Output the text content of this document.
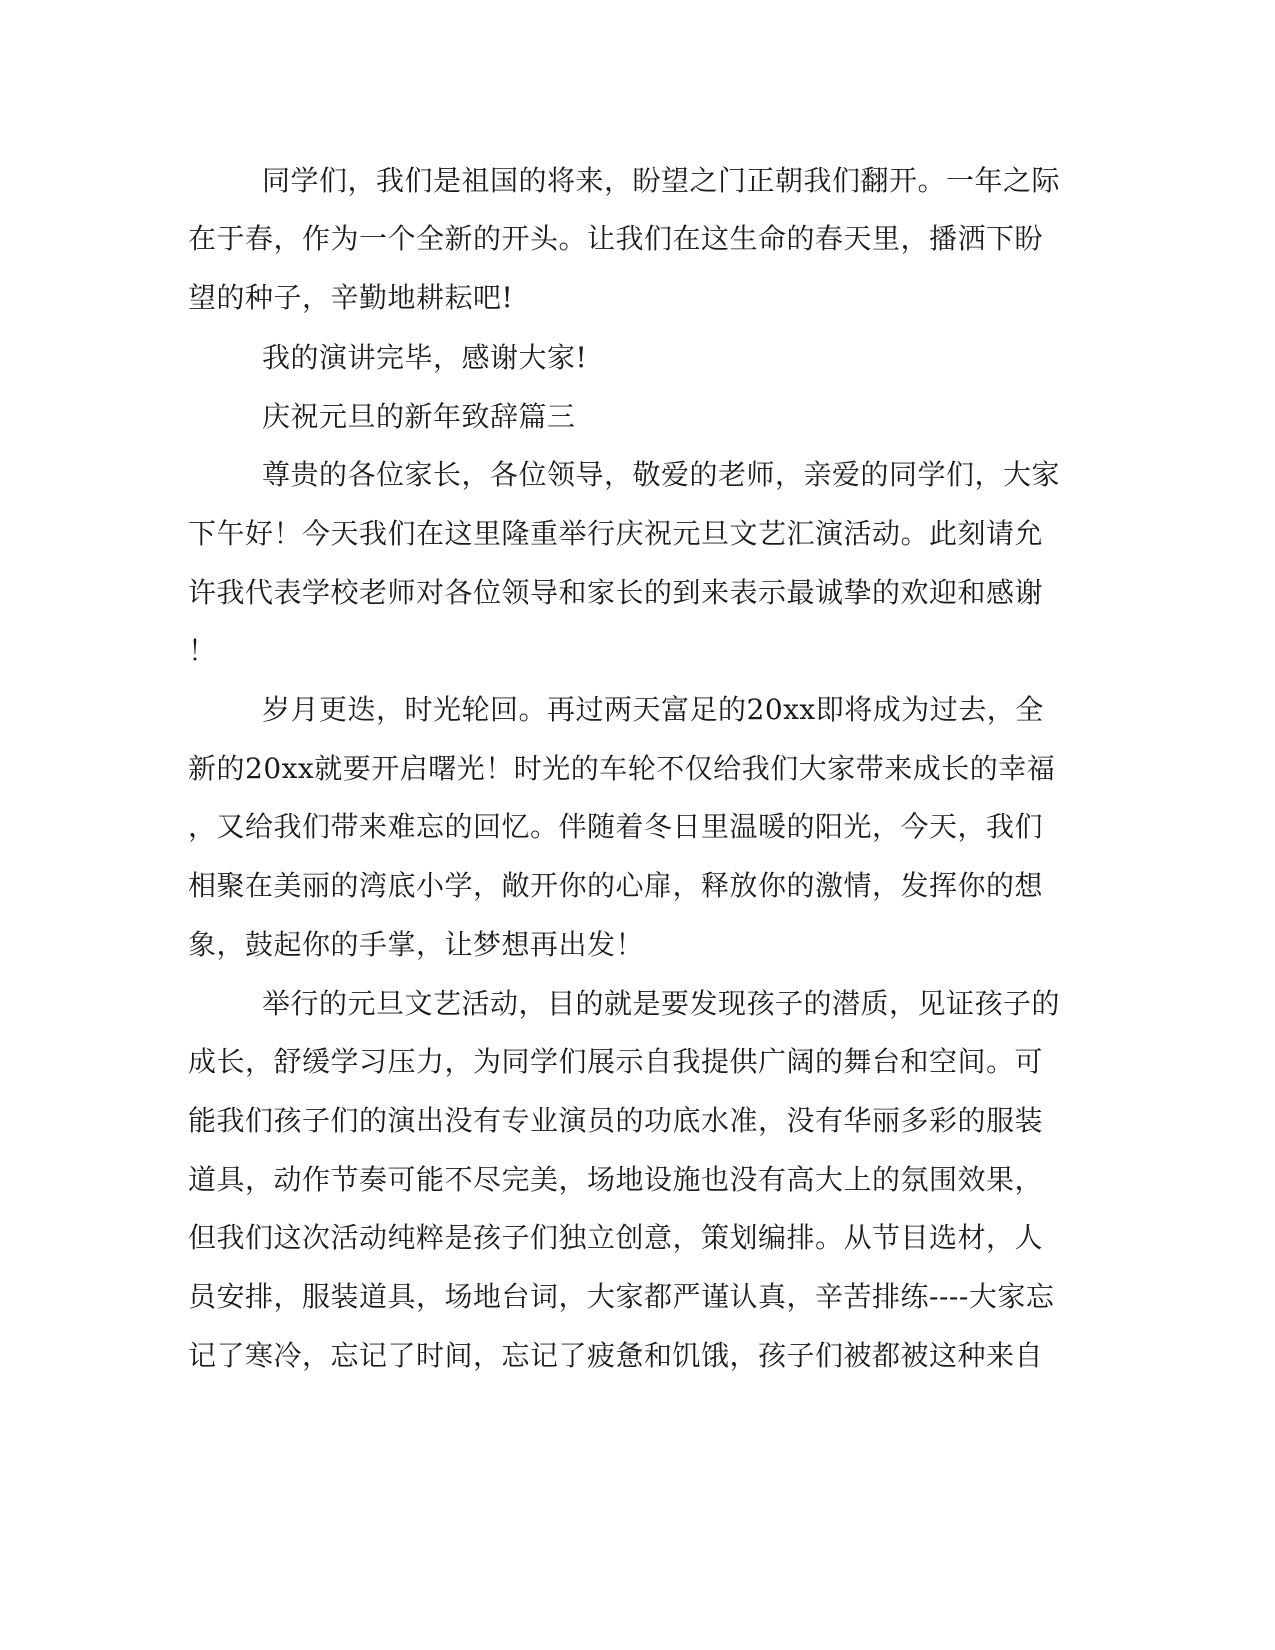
同学们，我们是祖国的将来，盼望之门正朝我们翻开。一年之际
在于春，作为一个全新的开头。让我们在这生命的春天里，播洒下盼
望的种子，辛勤地耕耘吧!
我的演讲完毕，感谢大家!
庆祝元旦的新年致辞篇三
尊贵的各位家长，各位领导，敬爱的老师，亲爱的同学们，大家
下午好！今天我们在这里隆重举行庆祝元旦文艺汇演活动。此刻请允
许我代表学校老师对各位领导和家长的到来表示最诚挚的欢迎和感谢
！
岁月更迭，时光轮回。再过两天富足的20xx即将成为过去，全
新的20xx就要开启曙光！时光的车轮不仅给我们大家带来成长的幸福
，又给我们带来难忘的回忆。伴随着冬日里温暖的阳光，今天，我们
相聚在美丽的湾底小学，敞开你的心扉，释放你的激情，发挥你的想
象，鼓起你的手掌，让梦想再出发！
举行的元旦文艺活动，目的就是要发现孩子的潜质，见证孩子的
成长，舒缓学习压力，为同学们展示自我提供广阔的舞台和空间。可
能我们孩子们的演出没有专业演员的功底水准，没有华丽多彩的服装
道具，动作节奏可能不尽完美，场地设施也没有高大上的氛围效果，
但我们这次活动纯粹是孩子们独立创意，策划编排。从节目选材，人
员安排，服装道具，场地台词，大家都严谨认真，辛苦排练----大家忘
记了寒冷，忘记了时间，忘记了疲惫和饥饿，孩子们被都被这种来自
